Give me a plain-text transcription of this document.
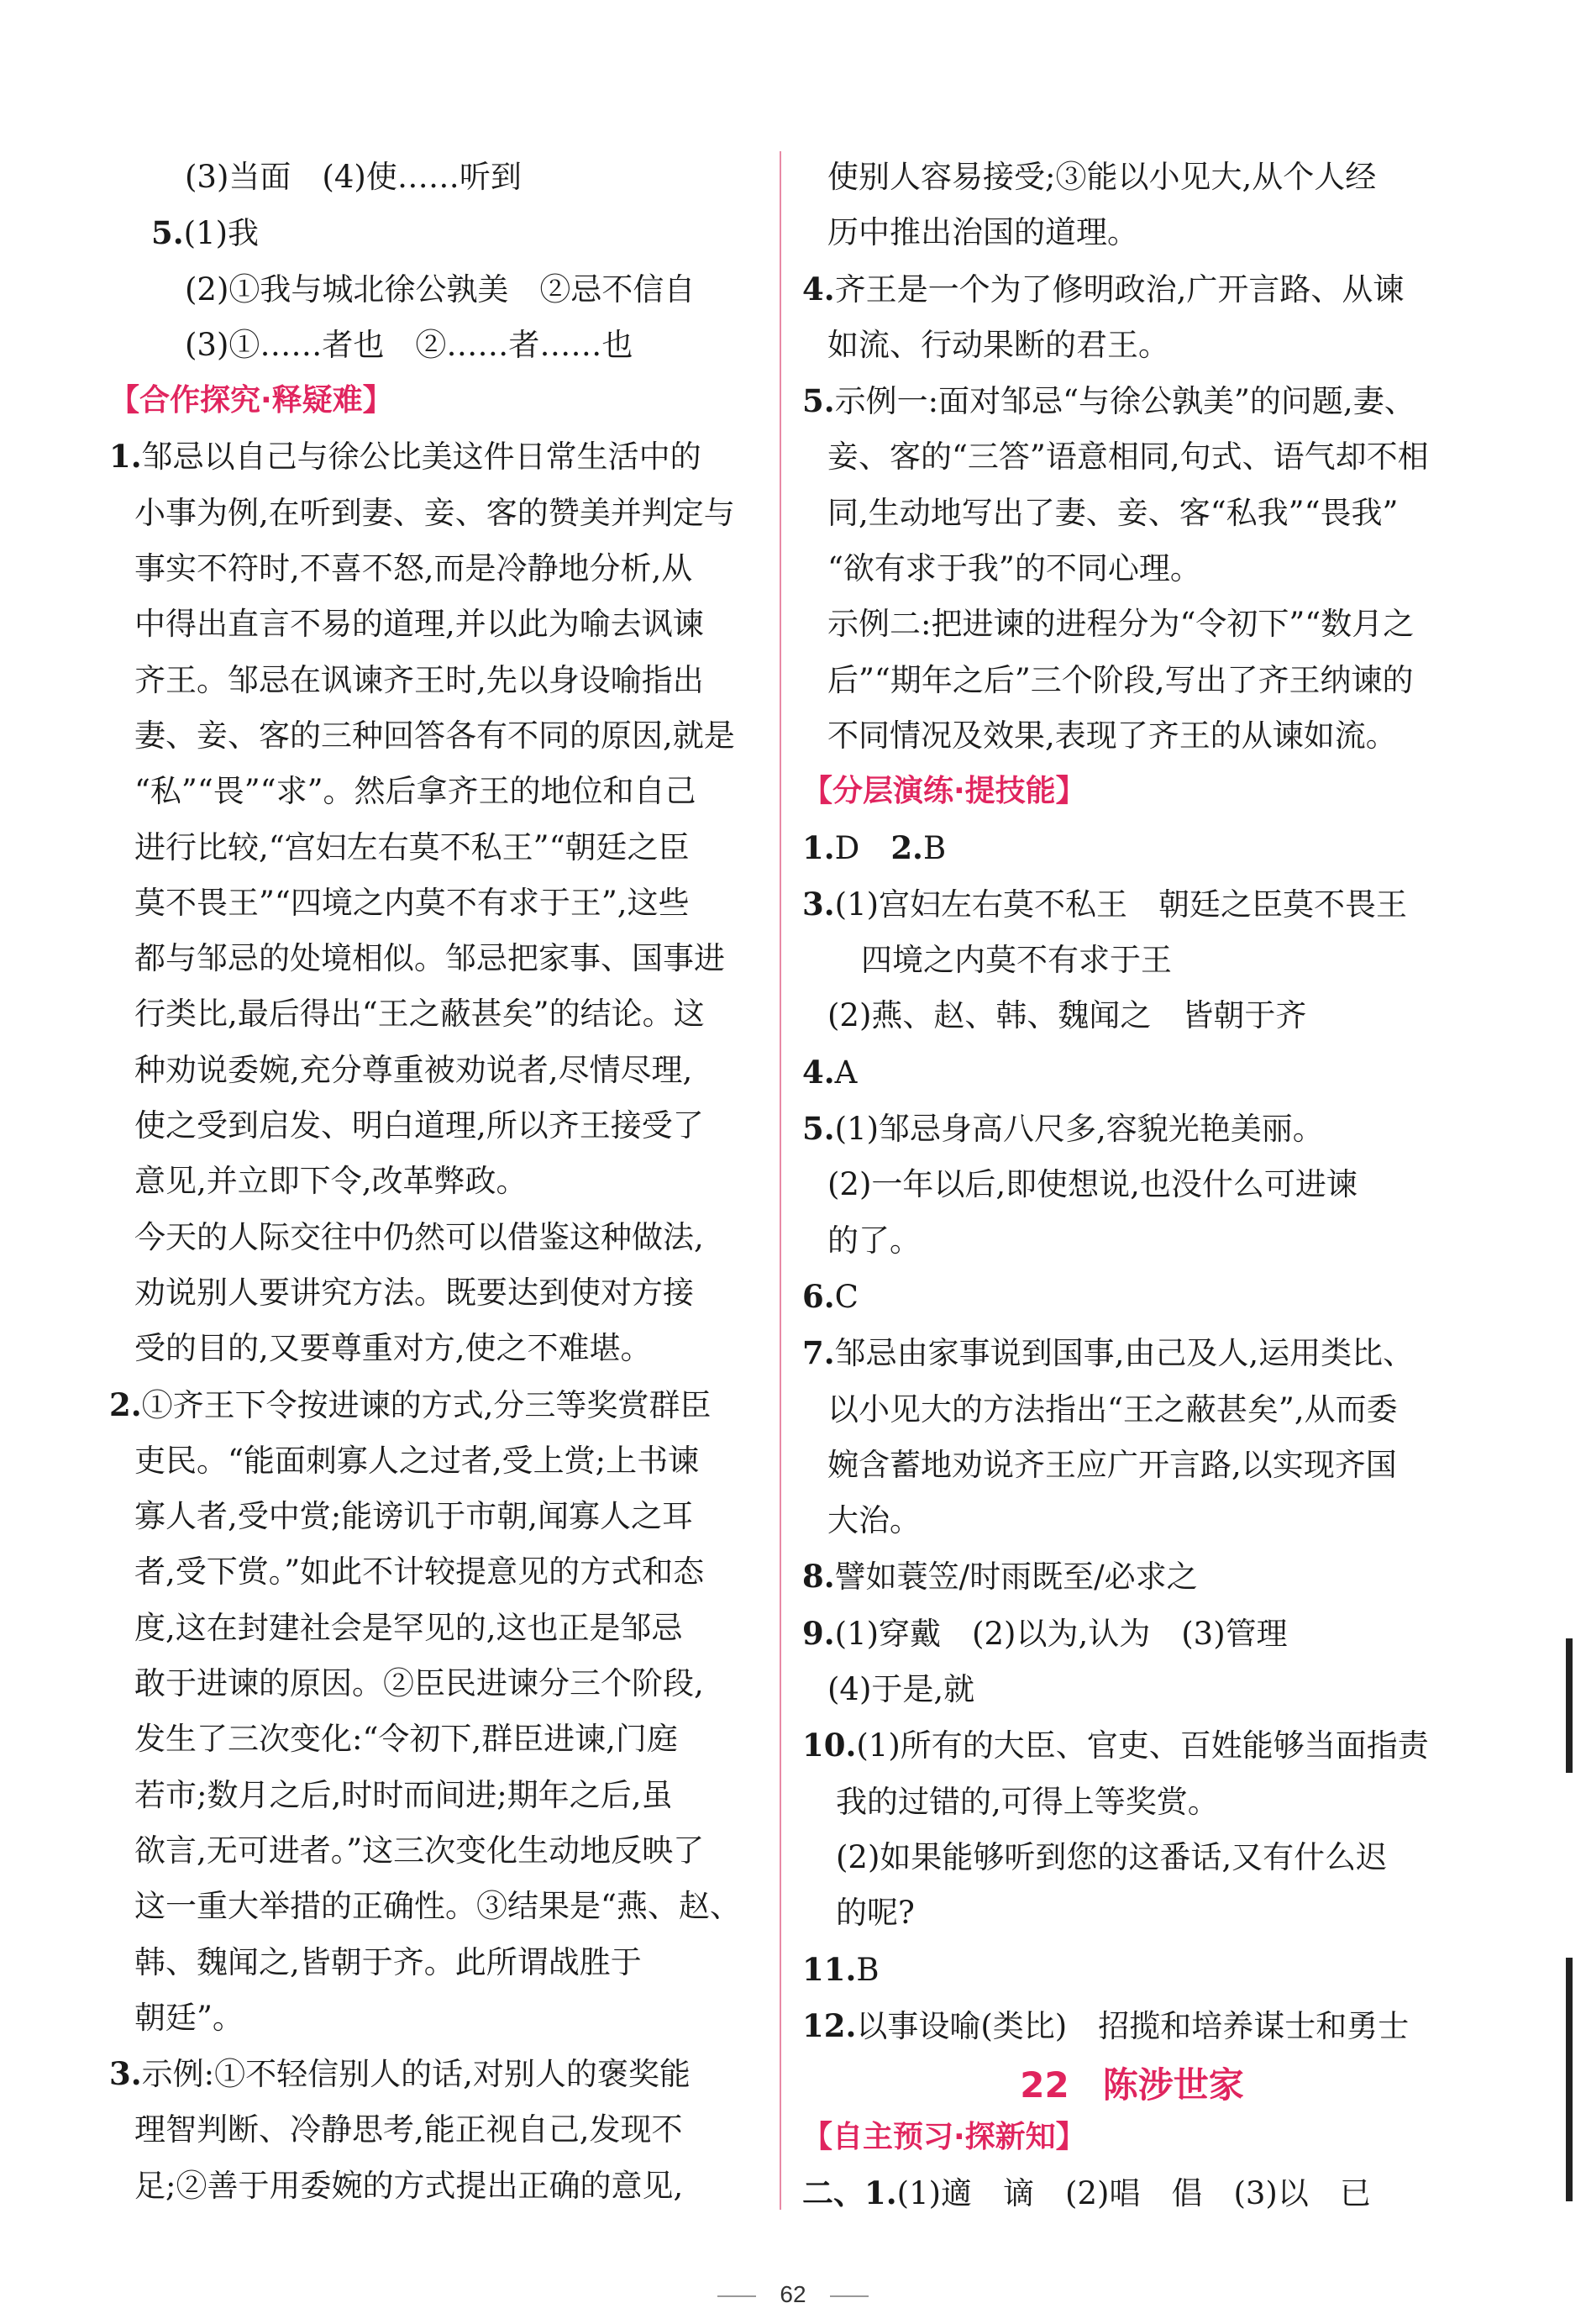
(3)当面　(4)使……听到
5.(1)我
(2)①我与城北徐公孰美　②忌不信自
(3)①……者也　②……者……也
【合作探究·释疑难】
1.邹忌以自己与徐公比美这件日常生活中的
小事为例,在听到妻、妾、客的赞美并判定与
事实不符时,不喜不怒,而是冷静地分析,从
中得出直言不易的道理,并以此为喻去讽谏
齐王。邹忌在讽谏齐王时,先以身设喻指出
妻、妾、客的三种回答各有不同的原因,就是
“私”“畏”“求”。然后拿齐王的地位和自己
进行比较,“宫妇左右莫不私王”“朝廷之臣
莫不畏王”“四境之内莫不有求于王”,这些
都与邹忌的处境相似。邹忌把家事、国事进
行类比,最后得出“王之蔽甚矣”的结论。这
种劝说委婉,充分尊重被劝说者,尽情尽理,
使之受到启发、明白道理,所以齐王接受了
意见,并立即下令,改革弊政。
今天的人际交往中仍然可以借鉴这种做法,
劝说别人要讲究方法。既要达到使对方接
受的目的,又要尊重对方,使之不难堪。
2.①齐王下令按进谏的方式,分三等奖赏群臣
吏民。“能面刺寡人之过者,受上赏;上书谏
寡人者,受中赏;能谤讥于市朝,闻寡人之耳
者,受下赏。”如此不计较提意见的方式和态
度,这在封建社会是罕见的,这也正是邹忌
敢于进谏的原因。②臣民进谏分三个阶段,
发生了三次变化:“令初下,群臣进谏,门庭
若市;数月之后,时时而间进;期年之后,虽
欲言,无可进者。”这三次变化生动地反映了
这一重大举措的正确性。③结果是“燕、赵、
韩、魏闻之,皆朝于齐。此所谓战胜于
朝廷”。
3.示例:①不轻信别人的话,对别人的褒奖能
理智判断、冷静思考,能正视自己,发现不
足;②善于用委婉的方式提出正确的意见,
使别人容易接受;③能以小见大,从个人经
历中推出治国的道理。
4.齐王是一个为了修明政治,广开言路、从谏
如流、行动果断的君王。
5.示例一:面对邹忌“与徐公孰美”的问题,妻、
妾、客的“三答”语意相同,句式、语气却不相
同,生动地写出了妻、妾、客“私我”“畏我”
“欲有求于我”的不同心理。
示例二:把进谏的进程分为“令初下”“数月之
后”“期年之后”三个阶段,写出了齐王纳谏的
不同情况及效果,表现了齐王的从谏如流。
【分层演练·提技能】
1.D　2.B
3.(1)宫妇左右莫不私王　朝廷之臣莫不畏王
四境之内莫不有求于王
(2)燕、赵、韩、魏闻之　皆朝于齐
4.A
5.(1)邹忌身高八尺多,容貌光艳美丽。
(2)一年以后,即使想说,也没什么可进谏
的了。
6.C
7.邹忌由家事说到国事,由己及人,运用类比、
以小见大的方法指出“王之蔽甚矣”,从而委
婉含蓄地劝说齐王应广开言路,以实现齐国
大治。
8.譬如蓑笠/时雨既至/必求之
9.(1)穿戴　(2)以为,认为　(3)管理
(4)于是,就
10.(1)所有的大臣、官吏、百姓能够当面指责
我的过错的,可得上等奖赏。
(2)如果能够听到您的这番话,又有什么迟
的呢?
11.B
12.以事设喻(类比)　招揽和培养谋士和勇士
22 陈涉世家
【自主预习·探新知】
二、1.(1)適　谪　(2)唱　倡　(3)以　已
62
